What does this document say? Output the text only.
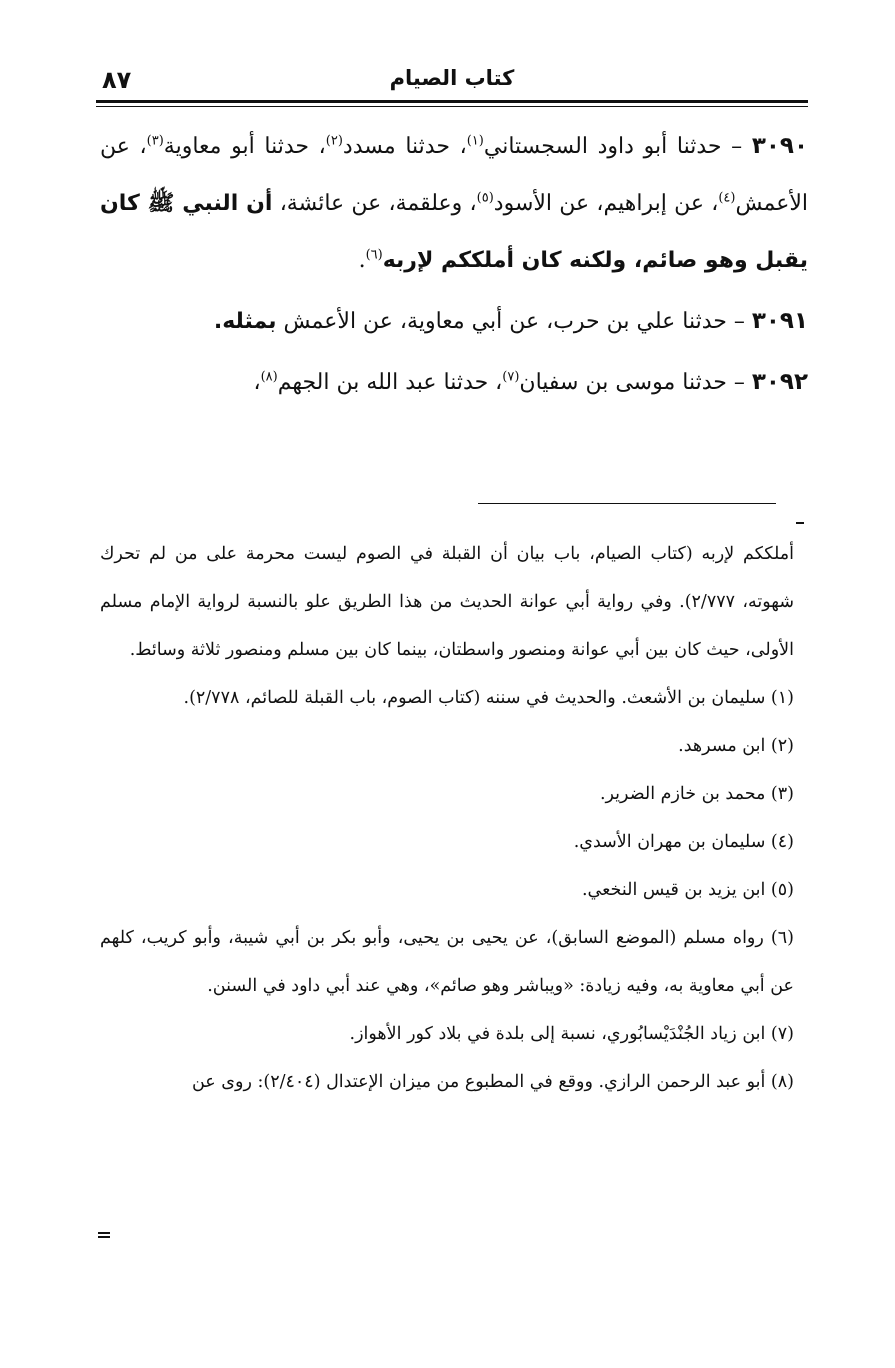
٨٧	كتاب الصيام

٣٠٩٠ – حدثنا أبو داود السجستاني$^{(١)}$، حدثنا مسدد$^{(٢)}$، حدثنا أبو معاوية$^{(٣)}$، عن الأعمش$^{(٤)}$، عن إبراهيم، عن الأسود$^{(٥)}$، وعلقمة، عن عائشة، أن النبي ﷺ كان يقبل وهو صائم، ولكنه كان أملككم لإربه$^{(٦)}$.

٣٠٩١ – حدثنا علي بن حرب، عن أبي معاوية، عن الأعمش بمثله.

٣٠٩٢ – حدثنا موسى بن سفيان$^{(٧)}$، حدثنا عبد الله بن الجهم$^{(٨)}$،

أملككم لإربه (كتاب الصيام، باب بيان أن القبلة في الصوم ليست محرمة على من لم تحرك شهوته، ٢/٧٧٧). وفي رواية أبي عوانة الحديث من هذا الطريق علو بالنسبة لرواية الإمام مسلم الأولى، حيث كان بين أبي عوانة ومنصور واسطتان، بينما كان بين مسلم ومنصور ثلاثة وسائط.

(١) سليمان بن الأشعث. والحديث في سننه (كتاب الصوم، باب القبلة للصائم، ٢/٧٧٨).

(٢) ابن مسرهد.

(٣) محمد بن خازم الضرير.

(٤) سليمان بن مهران الأسدي.

(٥) ابن يزيد بن قيس النخعي.

(٦) رواه مسلم (الموضع السابق)، عن يحيى بن يحيى، وأبو بكر بن أبي شيبة، وأبو كريب، كلهم عن أبي معاوية به، وفيه زيادة: «ويباشر وهو صائم»، وهي عند أبي داود في السنن.

(٧) ابن زياد الجُنْدَيْسابُوري، نسبة إلى بلدة في بلاد كور الأهواز.

(٨) أبو عبد الرحمن الرازي. ووقع في المطبوع من ميزان الإعتدال (٢/٤٠٤): روى عن
